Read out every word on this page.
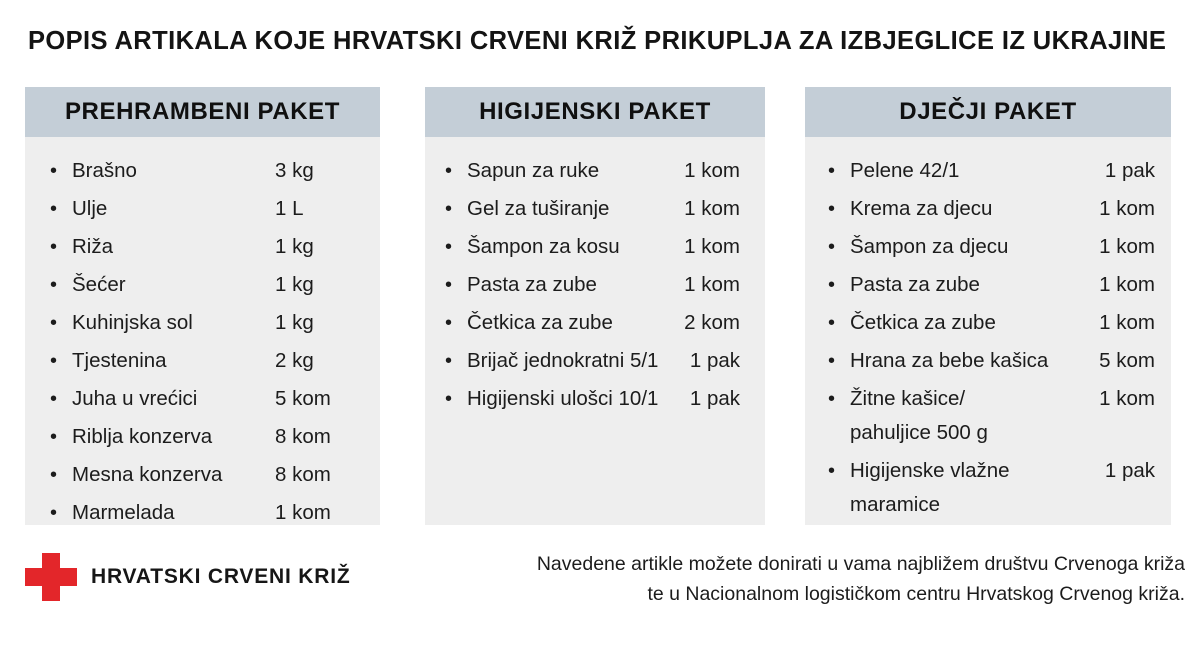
POPIS ARTIKALA KOJE HRVATSKI CRVENI KRIŽ PRIKUPLJA ZA IZBJEGLICE IZ UKRAJINE
PREHRAMBENI PAKET
• Brašno	3 kg
• Ulje	1 L
• Riža	1 kg
• Šećer	1 kg
• Kuhinjska sol	1 kg
• Tjestenina	2 kg
• Juha u vrećici	5 kom
• Riblja konzerva	8 kom
• Mesna konzerva	8 kom
• Marmelada	1 kom
HIGIJENSKI PAKET
• Sapun za ruke	1 kom
• Gel za tuširanje	1 kom
• Šampon za kosu	1 kom
• Pasta za zube	1 kom
• Četkica za zube	2 kom
• Brijač jednokratni 5/1	1 pak
• Higijenski ulošci 10/1	1 pak
DJEČJI PAKET
• Pelene 42/1	1 pak
• Krema za djecu	1 kom
• Šampon za djecu	1 kom
• Pasta za zube	1 kom
• Četkica za zube	1 kom
• Hrana za bebe kašica	5 kom
• Žitne kašice/	1 kom
pahuljice 500 g
• Higijenske vlažne	1 pak
maramice
HRVATSKI CRVENI KRIŽ
Navedene artikle možete donirati u vama najbližem društvu Crvenoga križa
te u Nacionalnom logističkom centru Hrvatskog Crvenog križa.
